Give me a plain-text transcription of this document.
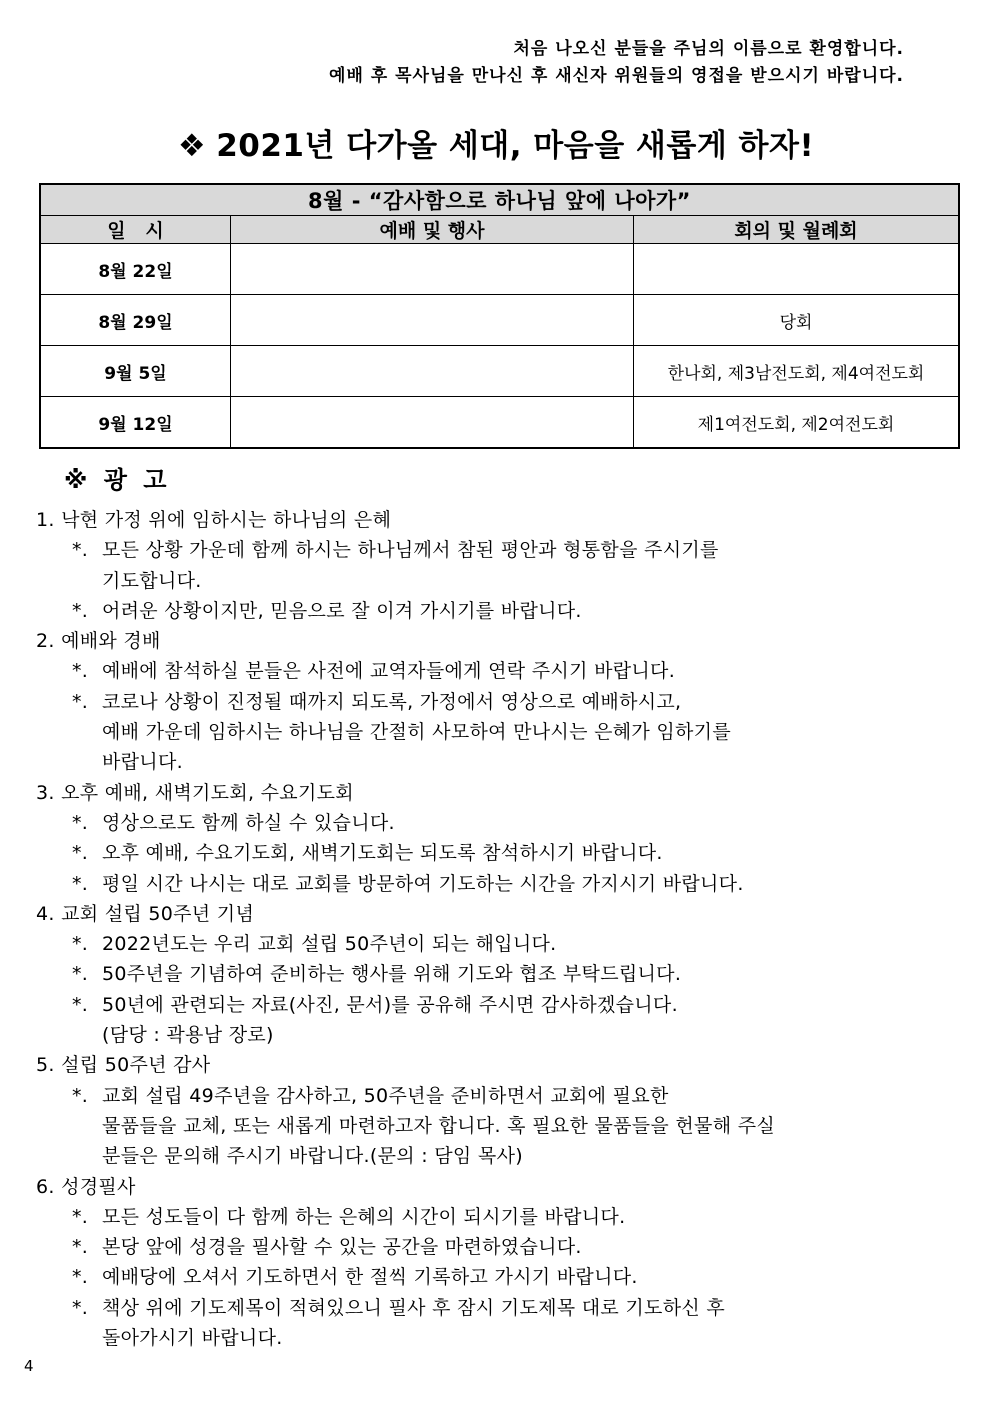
처음 나오신 분들을 주님의 이름으로 환영합니다.
예배 후 목사님을 만나신 후 새신자 위원들의 영접을 받으시기 바랍니다.
❖ 2021년 다가올 세대, 마음을 새롭게 하자!
8월 - “감사함으로 하나님 앞에 나아가”		
일   시	예배 및 행사	회의 및 월례회
8월 22일		
8월 29일		당회
9월 5일		한나회, 제3남전도회, 제4여전도회
9월 12일		제1여전도회, 제2여전도회
※ 광 고
1. 낙현 가정 위에 임하시는 하나님의 은혜
*. 모든 상황 가운데 함께 하시는 하나님께서 참된 평안과 형통함을 주시기를
기도합니다.
*. 어려운 상황이지만, 믿음으로 잘 이겨 가시기를 바랍니다.
2. 예배와 경배
*. 예배에 참석하실 분들은 사전에 교역자들에게 연락 주시기 바랍니다.
*. 코로나 상황이 진정될 때까지 되도록, 가정에서 영상으로 예배하시고,
예배 가운데 임하시는 하나님을 간절히 사모하여 만나시는 은혜가 임하기를
바랍니다.
3. 오후 예배, 새벽기도회, 수요기도회
*. 영상으로도 함께 하실 수 있습니다.
*. 오후 예배, 수요기도회, 새벽기도회는 되도록 참석하시기 바랍니다.
*. 평일 시간 나시는 대로 교회를 방문하여 기도하는 시간을 가지시기 바랍니다.
4. 교회 설립 50주년 기념
*. 2022년도는 우리 교회 설립 50주년이 되는 해입니다.
*. 50주년을 기념하여 준비하는 행사를 위해 기도와 협조 부탁드립니다.
*. 50년에 관련되는 자료(사진, 문서)를 공유해 주시면 감사하겠습니다.
(담당 : 곽용남 장로)
5. 설립 50주년 감사
*. 교회 설립 49주년을 감사하고, 50주년을 준비하면서 교회에 필요한
물품들을 교체, 또는 새롭게 마련하고자 합니다. 혹 필요한 물품들을 헌물해 주실
분들은 문의해 주시기 바랍니다.(문의 : 담임 목사)
6. 성경필사
*. 모든 성도들이 다 함께 하는 은혜의 시간이 되시기를 바랍니다.
*. 본당 앞에 성경을 필사할 수 있는 공간을 마련하였습니다.
*. 예배당에 오셔서 기도하면서 한 절씩 기록하고 가시기 바랍니다.
*. 책상 위에 기도제목이 적혀있으니 필사 후 잠시 기도제목 대로 기도하신 후
돌아가시기 바랍니다.
4
